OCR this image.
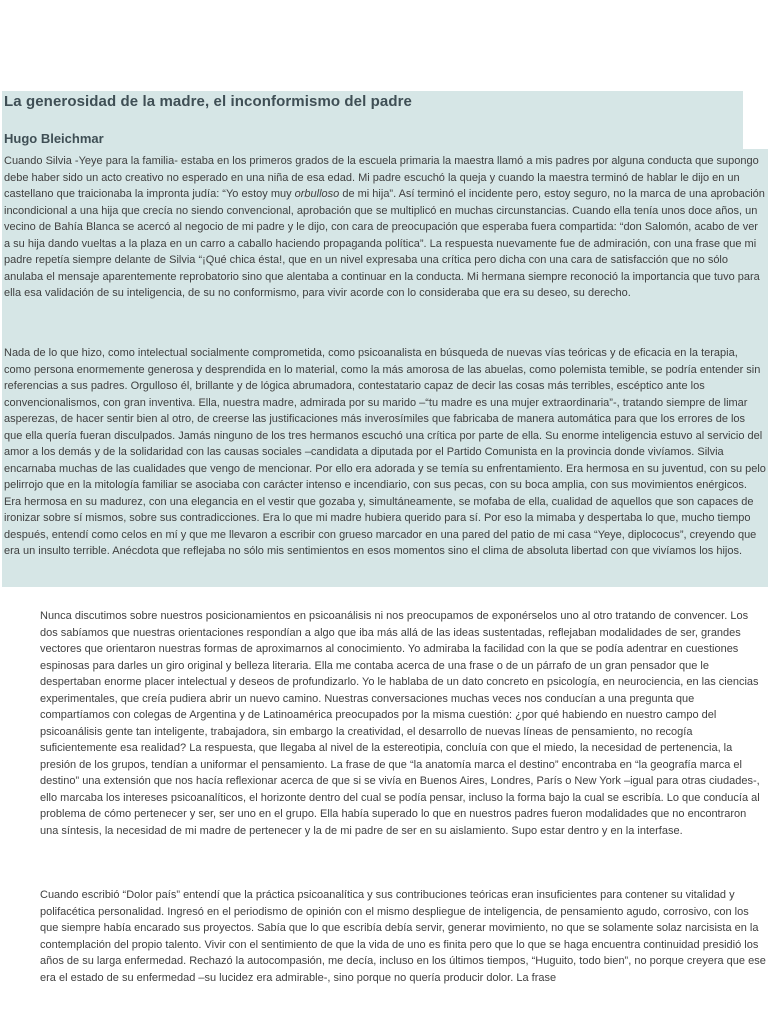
La generosidad de la madre, el inconformismo del padre
Hugo Bleichmar

Cuando Silvia -Yeye para la familia- estaba en los primeros grados de la escuela primaria la maestra llamó a mis padres por alguna conducta que supongo debe haber sido un acto creativo no esperado en una niña de esa edad. Mi padre escuchó la queja y cuando la maestra terminó de hablar le dijo en un castellano que traicionaba la impronta judía: “Yo estoy muy orbulloso de mi hija”. Así terminó el incidente pero, estoy seguro, no la marca de una aprobación incondicional a una hija que crecía no siendo convencional, aprobación que se multiplicó en muchas circunstancias. Cuando ella tenía unos doce años, un vecino de Bahía Blanca se acercó al negocio de mi padre y le dijo, con cara de preocupación que esperaba fuera compartida: “don Salomón, acabo de ver a su hija dando vueltas a la plaza en un carro a caballo haciendo propaganda política”. La respuesta nuevamente fue de admiración, con una frase que mi padre repetía siempre delante de Silvia “¡Qué chica ésta!, que en un nivel expresaba una crítica pero dicha con una cara de satisfacción que no sólo anulaba el mensaje aparentemente reprobatorio sino que alentaba a continuar en la conducta. Mi hermana siempre reconoció la importancia que tuvo para ella esa validación de su inteligencia, de su no conformismo, para vivir acorde con lo consideraba que era su deseo, su derecho.

Nada de lo que hizo, como intelectual socialmente comprometida, como psicoanalista en búsqueda de nuevas vías teóricas y de eficacia en la terapia, como persona enormemente generosa y desprendida en lo material, como la más amorosa de las abuelas, como polemista temible, se podría entender sin referencias a sus padres. Orgulloso él, brillante y de lógica abrumadora, contestatario capaz de decir las cosas más terribles, escéptico ante los convencionalismos, con gran inventiva. Ella, nuestra madre, admirada por su marido –“tu madre es una mujer extraordinaria”-, tratando siempre de limar asperezas, de hacer sentir bien al otro, de creerse las justificaciones más inverosímiles que fabricaba de manera automática para que los errores de los que ella quería fueran disculpados. Jamás ninguno de los tres hermanos escuchó una crítica por parte de ella. Su enorme inteligencia estuvo al servicio del amor a los demás y de la solidaridad con las causas sociales –candidata a diputada por el Partido Comunista en la provincia donde vivíamos. Silvia encarnaba muchas de las cualidades que vengo de mencionar. Por ello era adorada y se temía su enfrentamiento. Era hermosa en su juventud, con su pelo pelirrojo que en la mitología familiar se asociaba con carácter intenso e incendiario, con sus pecas, con su boca amplia, con sus movimientos enérgicos. Era hermosa en su madurez, con una elegancia en el vestir que gozaba y, simultáneamente, se mofaba de ella, cualidad de aquellos que son capaces de ironizar sobre sí mismos, sobre sus contradicciones. Era lo que mi madre hubiera querido para sí. Por eso la mimaba y despertaba lo que, mucho tiempo después, entendí como celos en mí y que me llevaron a escribir con grueso marcador en una pared del patio de mi casa “Yeye, diplococus”, creyendo que era un insulto terrible. Anécdota que reflejaba no sólo mis sentimientos en esos momentos sino el clima de absoluta libertad con que vivíamos los hijos.

Nunca discutimos sobre nuestros posicionamientos en psicoanálisis ni nos preocupamos de exponérselos uno al otro tratando de convencer. Los dos sabíamos que nuestras orientaciones respondían a algo que iba más allá de las ideas sustentadas, reflejaban modalidades de ser, grandes vectores que orientaron nuestras formas de aproximarnos al conocimiento. Yo admiraba la facilidad con la que se podía adentrar en cuestiones espinosas para darles un giro original y belleza literaria. Ella me contaba acerca de una frase o de un párrafo de un gran pensador que le despertaban enorme placer intelectual y deseos de profundizarlo. Yo le hablaba de un dato concreto en psicología, en neurociencia, en las ciencias experimentales, que creía pudiera abrir un nuevo camino. Nuestras conversaciones muchas veces nos conducían a una pregunta que compartíamos con colegas de Argentina y de Latinoamérica preocupados por la misma cuestión: ¿por qué habiendo en nuestro campo del psicoanálisis gente tan inteligente, trabajadora, sin embargo la creatividad, el desarrollo de nuevas líneas de pensamiento, no recogía suficientemente esa realidad? La respuesta, que llegaba al nivel de la estereotipia, concluía con que el miedo, la necesidad de pertenencia, la presión de los grupos, tendían a uniformar el pensamiento. La frase de que “la anatomía marca el destino” encontraba en “la geografía marca el destino” una extensión que nos hacía reflexionar acerca de que si se vivía en Buenos Aires, Londres, París o New York –igual para otras ciudades-, ello marcaba los intereses psicoanalíticos, el horizonte dentro del cual se podía pensar, incluso la forma bajo la cual se escribía. Lo que conducía al problema de cómo pertenecer y ser, ser uno en el grupo. Ella había superado lo que en nuestros padres fueron modalidades que no encontraron una síntesis, la necesidad de mi madre de pertenecer y la de mi padre de ser en su aislamiento. Supo estar dentro y en la interfase.

Cuando escribió “Dolor país” entendí que la práctica psicoanalítica y sus contribuciones teóricas eran insuficientes para contener su vitalidad y polifacética personalidad. Ingresó en el periodismo de opinión con el mismo despliegue de inteligencia, de pensamiento agudo, corrosivo, con los que siempre había encarado sus proyectos. Sabía que lo que escribía debía servir, generar movimiento, no que se solamente solaz narcisista en la contemplación del propio talento. Vivir con el sentimiento de que la vida de uno es finita pero que lo que se haga encuentra continuidad presidió los años de su larga enfermedad. Rechazó la autocompasión, me decía, incluso en los últimos tiempos, “Huguito, todo bien”, no porque creyera que ese era el estado de su enfermedad –su lucidez era admirable-, sino porque no quería producir dolor. La frase
